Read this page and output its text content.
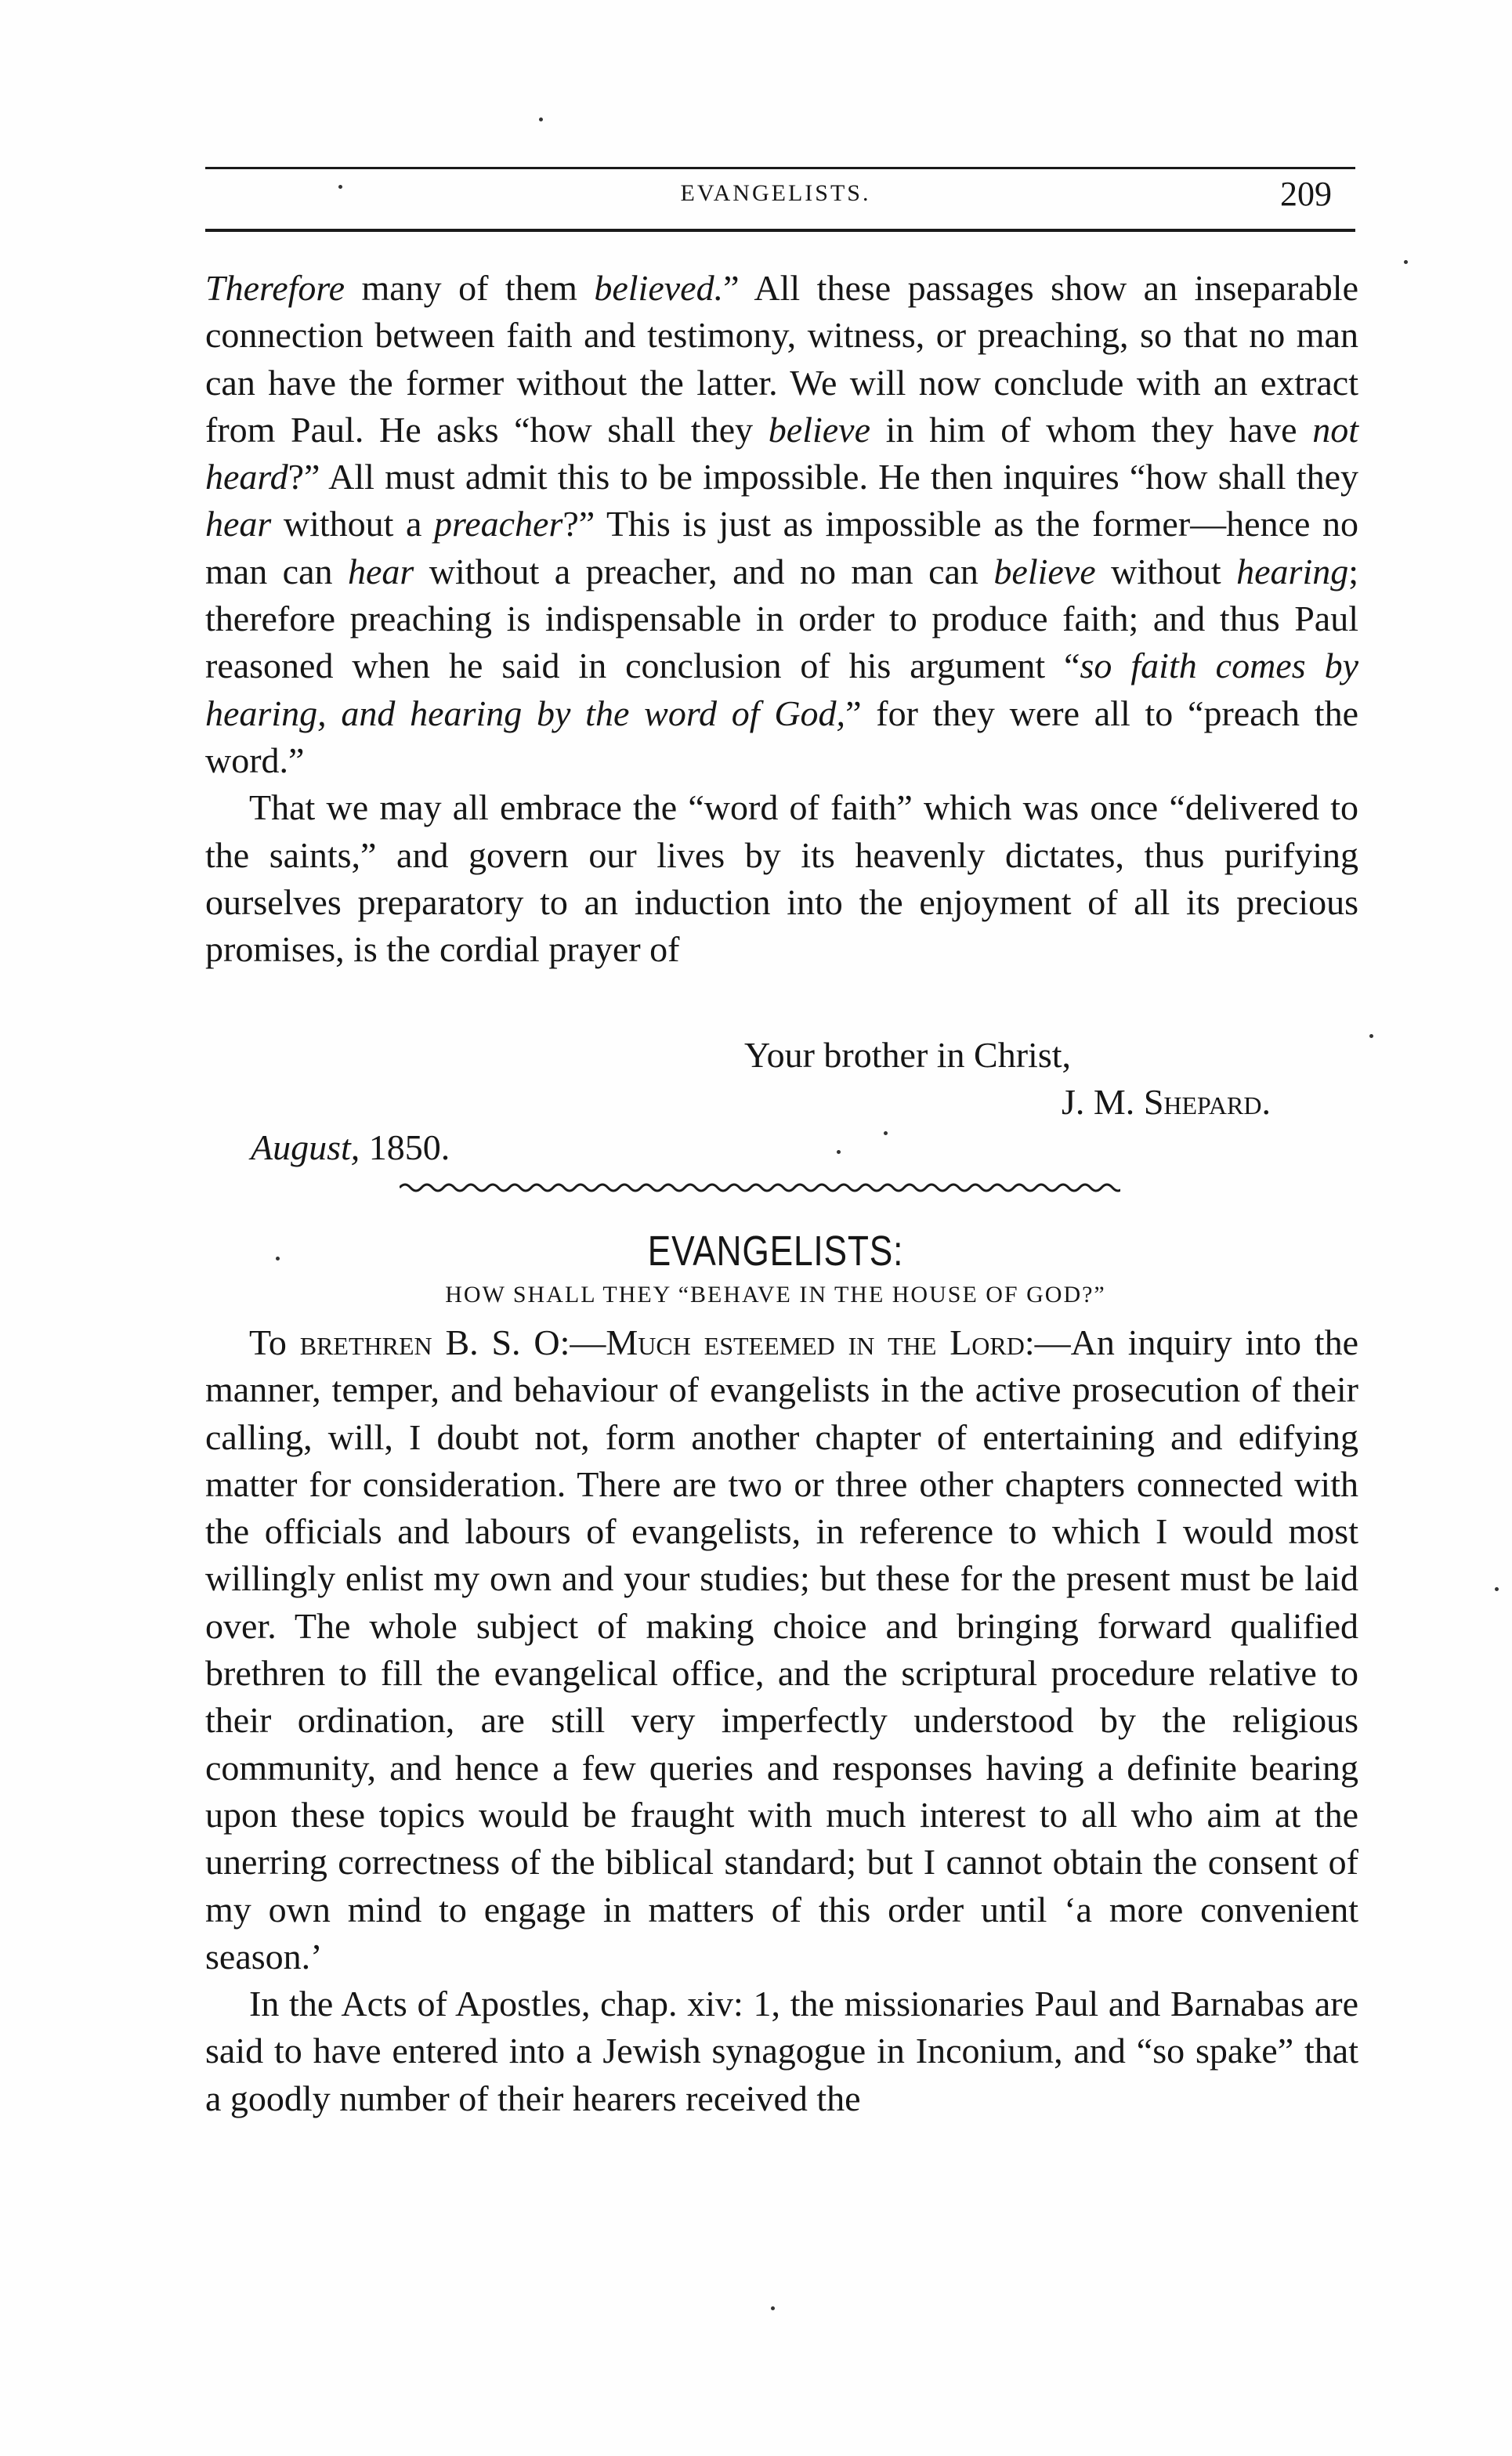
EVANGELISTS.	209

Therefore many of them believed.” All these passages show an inseparable connection between faith and testimony, witness, or preaching, so that no man can have the former without the latter. We will now conclude with an extract from Paul. He asks “how shall they believe in him of whom they have not heard?” All must admit this to be impossible. He then inquires “how shall they hear without a preacher?” This is just as impossible as the former—hence no man can hear without a preacher, and no man can believe without hearing; therefore preaching is indispensable in order to produce faith; and thus Paul reasoned when he said in conclusion of his argument “so faith comes by hearing, and hearing by the word of God,” for they were all to “preach the word.”

That we may all embrace the “word of faith” which was once “delivered to the saints,” and govern our lives by its heavenly dictates, thus purifying ourselves preparatory to an induction into the enjoyment of all its precious promises, is the cordial prayer of

Your brother in Christ,
J. M. Shepard.
August, 1850.
EVANGELISTS:
HOW SHALL THEY “BEHAVE IN THE HOUSE OF GOD?”

To brethren B. S. O:—Much esteemed in the Lord:—An inquiry into the manner, temper, and behaviour of evangelists in the active prosecution of their calling, will, I doubt not, form another chapter of entertaining and edifying matter for consideration. There are two or three other chapters connected with the officials and labours of evangelists, in reference to which I would most willingly enlist my own and your studies; but these for the present must be laid over. The whole subject of making choice and bringing forward qualified brethren to fill the evangelical office, and the scriptural procedure relative to their ordination, are still very imperfectly understood by the religious community, and hence a few queries and responses having a definite bearing upon these topics would be fraught with much interest to all who aim at the unerring correctness of the biblical standard; but I cannot obtain the consent of my own mind to engage in matters of this order until ‘a more convenient season.’

In the Acts of Apostles, chap. xiv: 1, the missionaries Paul and Barnabas are said to have entered into a Jewish synagogue in Inconium, and “so spake” that a goodly number of their hearers received the
